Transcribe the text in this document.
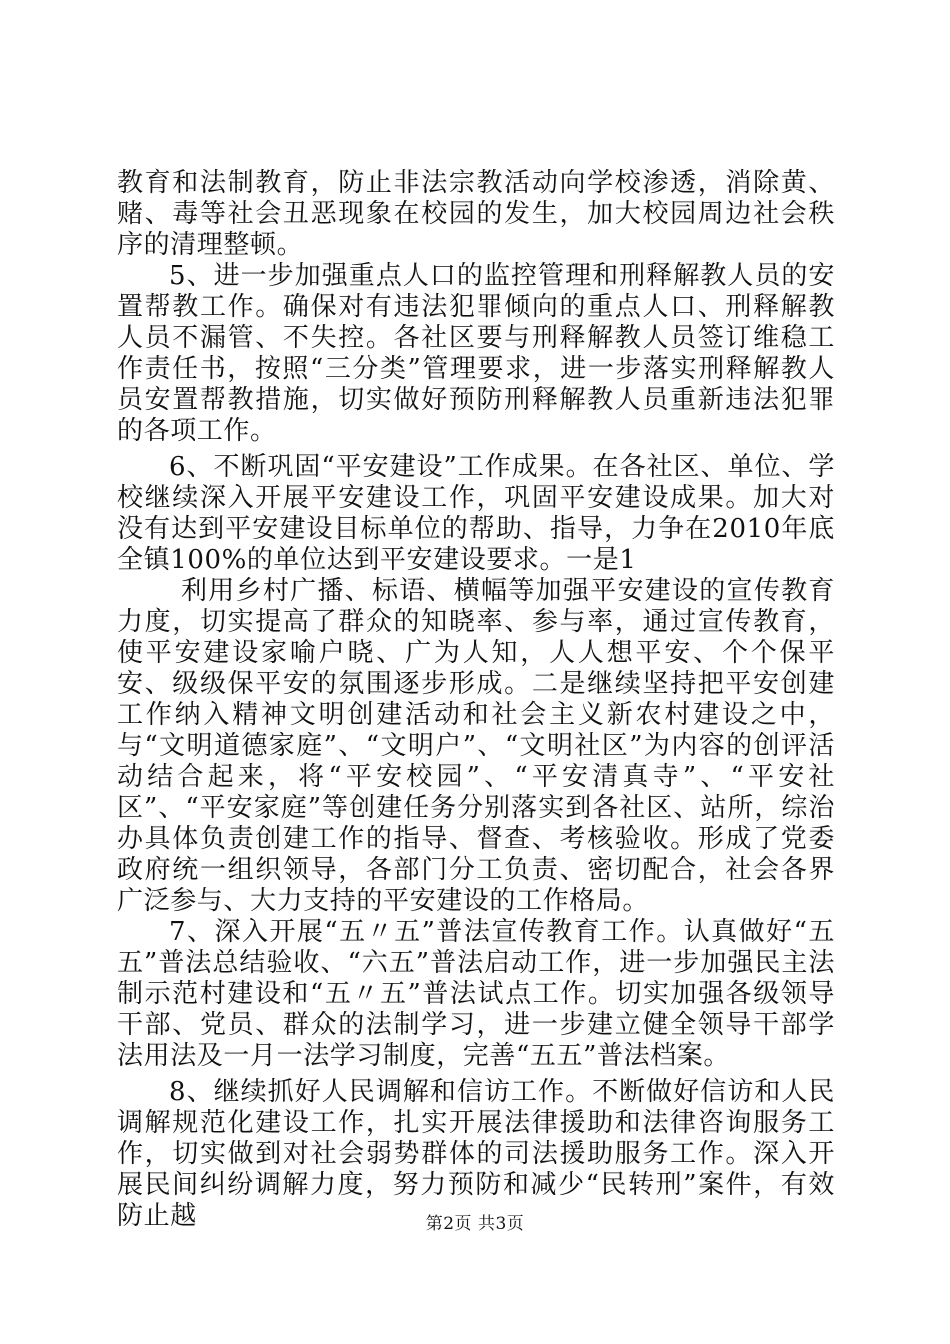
教育和法制教育，防止非法宗教活动向学校渗透，消除黄、赌、毒等社会丑恶现象在校园的发生，加大校园周边社会秩序的清理整顿。

5、进一步加强重点人口的监控管理和刑释解教人员的安置帮教工作。确保对有违法犯罪倾向的重点人口、刑释解教人员不漏管、不失控。各社区要与刑释解教人员签订维稳工作责任书，按照“三分类”管理要求，进一步落实刑释解教人员安置帮教措施，切实做好预防刑释解教人员重新违法犯罪的各项工作。

6、不断巩固“平安建设”工作成果。在各社区、单位、学校继续深入开展平安建设工作，巩固平安建设成果。加大对没有达到平安建设目标单位的帮助、指导，力争在2010年底全镇100%的单位达到平安建设要求。一是1

利用乡村广播、标语、横幅等加强平安建设的宣传教育力度，切实提高了群众的知晓率、参与率，通过宣传教育，使平安建设家喻户晓、广为人知，人人想平安、个个保平安、级级保平安的氛围逐步形成。二是继续坚持把平安创建工作纳入精神文明创建活动和社会主义新农村建设之中，与“文明道德家庭”、“文明户”、“文明社区”为内容的创评活动结合起来，将“平安校园”、“平安清真寺”、“平安社区”、“平安家庭”等创建任务分别落实到各社区、站所，综治办具体负责创建工作的指导、督查、考核验收。形成了党委政府统一组织领导，各部门分工负责、密切配合，社会各界广泛参与、大力支持的平安建设的工作格局。

7、深入开展“五〃五”普法宣传教育工作。认真做好“五五”普法总结验收、“六五”普法启动工作，进一步加强民主法制示范村建设和“五〃五”普法试点工作。切实加强各级领导干部、党员、群众的法制学习，进一步建立健全领导干部学法用法及一月一法学习制度，完善“五五”普法档案。

8、继续抓好人民调解和信访工作。不断做好信访和人民调解规范化建设工作，扎实开展法律援助和法律咨询服务工作，切实做到对社会弱势群体的司法援助服务工作。深入开展民间纠纷调解力度，努力预防和减少“民转刑”案件，有效防止越	第2页 共3页
